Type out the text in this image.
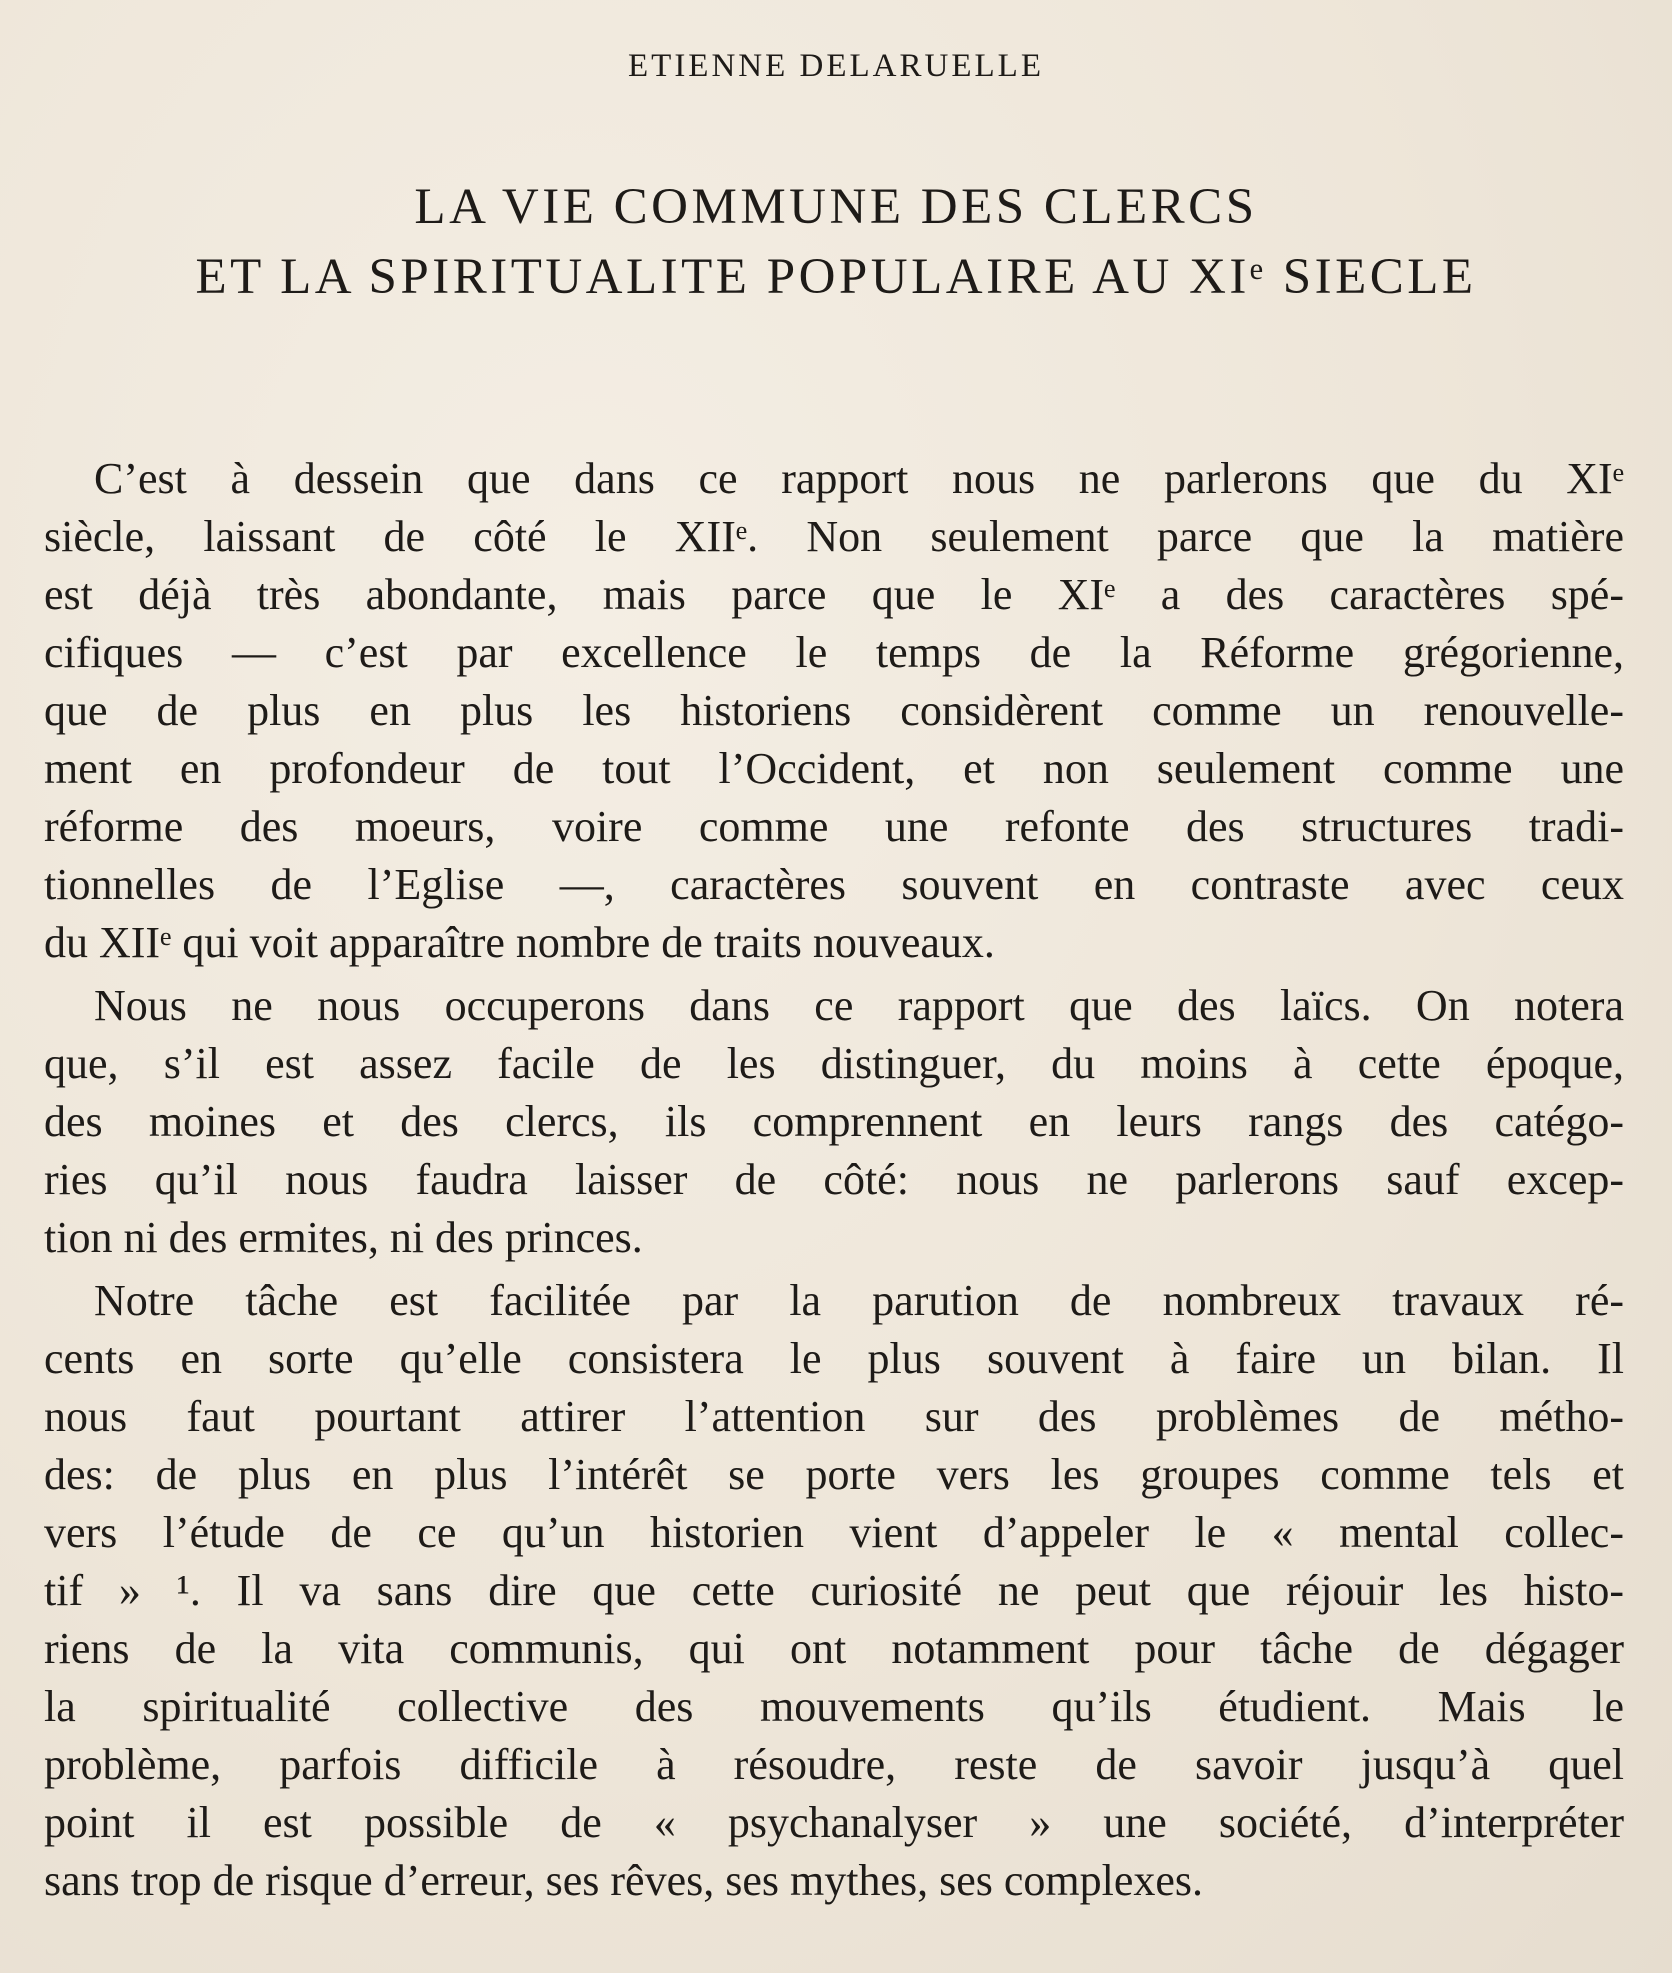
ETIENNE DELARUELLE
LA VIE COMMUNE DES CLERCS
ET LA SPIRITUALITE POPULAIRE AU XIᵉ SIECLE

C’est à dessein que dans ce rapport nous ne parlerons que du XIᵉ
siècle, laissant de côté le XIIᵉ. Non seulement parce que la matière
est déjà très abondante, mais parce que le XIᵉ a des caractères spé-
cifiques — c’est par excellence le temps de la Réforme grégorienne,
que de plus en plus les historiens considèrent comme un renouvelle-
ment en profondeur de tout l’Occident, et non seulement comme une
réforme des moeurs, voire comme une refonte des structures tradi-
tionnelles de l’Eglise —, caractères souvent en contraste avec ceux
du XIIᵉ qui voit apparaître nombre de traits nouveaux.

Nous ne nous occuperons dans ce rapport que des laïcs. On notera
que, s’il est assez facile de les distinguer, du moins à cette époque,
des moines et des clercs, ils comprennent en leurs rangs des catégo-
ries qu’il nous faudra laisser de côté: nous ne parlerons sauf excep-
tion ni des ermites, ni des princes.

Notre tâche est facilitée par la parution de nombreux travaux ré-
cents en sorte qu’elle consistera le plus souvent à faire un bilan. Il
nous faut pourtant attirer l’attention sur des problèmes de métho-
des: de plus en plus l’intérêt se porte vers les groupes comme tels et
vers l’étude de ce qu’un historien vient d’appeler le « mental collec-
tif » ¹. Il va sans dire que cette curiosité ne peut que réjouir les histo-
riens de la vita communis, qui ont notamment pour tâche de dégager
la spiritualité collective des mouvements qu’ils étudient. Mais le
problème, parfois difficile à résoudre, reste de savoir jusqu’à quel
point il est possible de « psychanalyser » une société, d’interpréter
sans trop de risque d’erreur, ses rêves, ses mythes, ses complexes.
